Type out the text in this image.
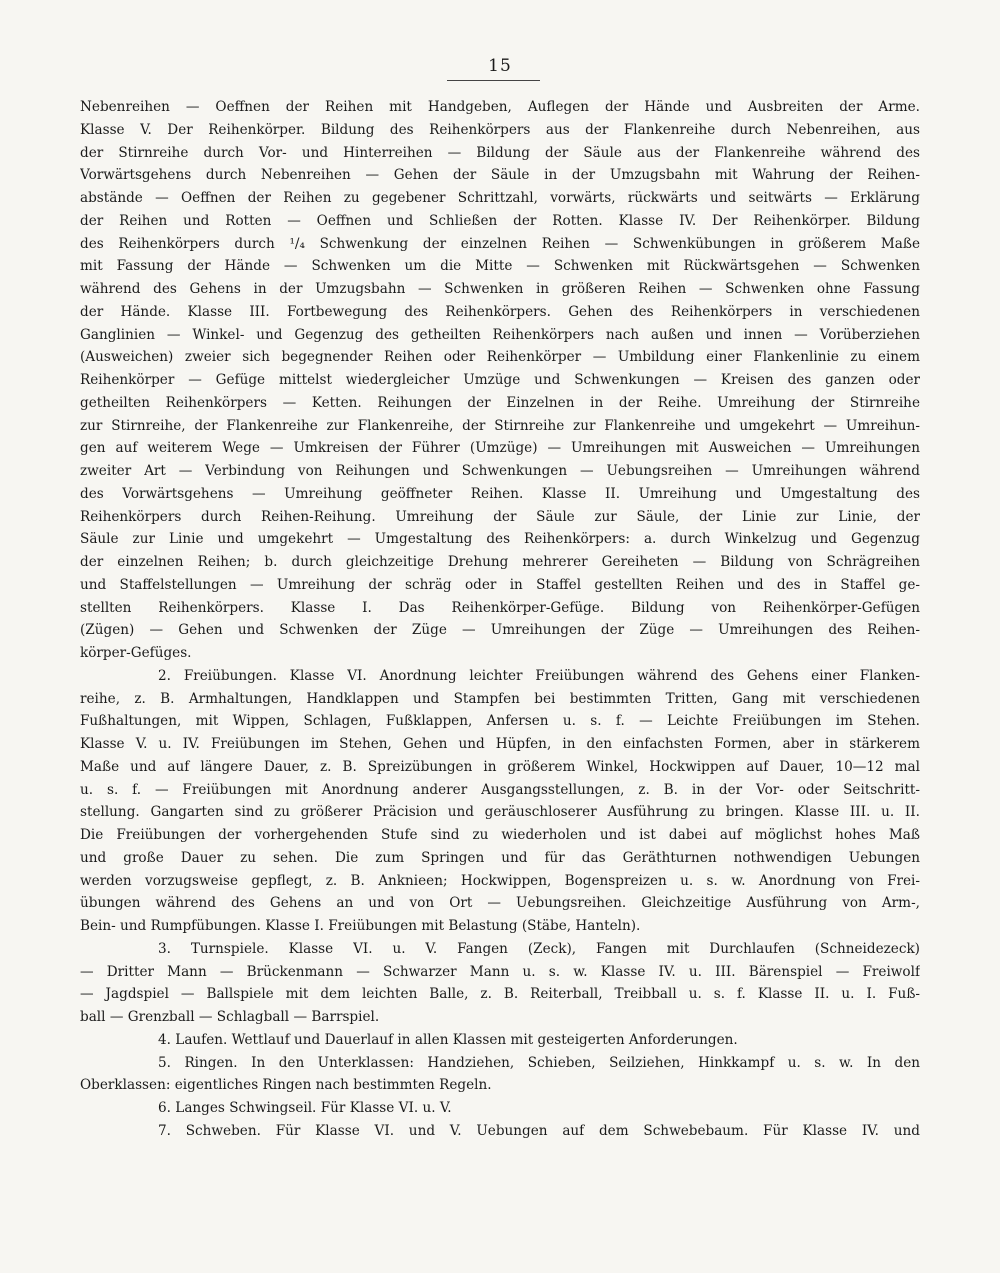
15
Nebenreihen — Oeffnen der Reihen mit Handgeben, Auflegen der Hände und Ausbreiten der Arme.
Klasse V. Der Reihenkörper. Bildung des Reihenkörpers aus der Flankenreihe durch Nebenreihen, aus
der Stirnreihe durch Vor- und Hinterreihen — Bildung der Säule aus der Flankenreihe während des
Vorwärtsgehens durch Nebenreihen — Gehen der Säule in der Umzugsbahn mit Wahrung der Reihen-
abstände — Oeffnen der Reihen zu gegebener Schrittzahl, vorwärts, rückwärts und seitwärts — Erklärung
der Reihen und Rotten — Oeffnen und Schließen der Rotten. Klasse IV. Der Reihenkörper. Bildung
des Reihenkörpers durch ¹/₄ Schwenkung der einzelnen Reihen — Schwenkübungen in größerem Maße
mit Fassung der Hände — Schwenken um die Mitte — Schwenken mit Rückwärtsgehen — Schwenken
während des Gehens in der Umzugsbahn — Schwenken in größeren Reihen — Schwenken ohne Fassung
der Hände. Klasse III. Fortbewegung des Reihenkörpers. Gehen des Reihenkörpers in verschiedenen
Ganglinien — Winkel- und Gegenzug des getheilten Reihenkörpers nach außen und innen — Vorüberziehen
(Ausweichen) zweier sich begegnender Reihen oder Reihenkörper — Umbildung einer Flankenlinie zu einem
Reihenkörper — Gefüge mittelst wiedergleicher Umzüge und Schwenkungen — Kreisen des ganzen oder
getheilten Reihenkörpers — Ketten. Reihungen der Einzelnen in der Reihe. Umreihung der Stirnreihe
zur Stirnreihe, der Flankenreihe zur Flankenreihe, der Stirnreihe zur Flankenreihe und umgekehrt — Umreihun-
gen auf weiterem Wege — Umkreisen der Führer (Umzüge) — Umreihungen mit Ausweichen — Umreihungen
zweiter Art — Verbindung von Reihungen und Schwenkungen — Uebungsreihen — Umreihungen während
des Vorwärtsgehens — Umreihung geöffneter Reihen. Klasse II. Umreihung und Umgestaltung des
Reihenkörpers durch Reihen-Reihung. Umreihung der Säule zur Säule, der Linie zur Linie, der
Säule zur Linie und umgekehrt — Umgestaltung des Reihenkörpers: a. durch Winkelzug und Gegenzug
der einzelnen Reihen; b. durch gleichzeitige Drehung mehrerer Gereiheten — Bildung von Schrägreihen
und Staffelstellungen — Umreihung der schräg oder in Staffel gestellten Reihen und des in Staffel ge-
stellten Reihenkörpers. Klasse I. Das Reihenkörper-Gefüge. Bildung von Reihenkörper-Gefügen
(Zügen) — Gehen und Schwenken der Züge — Umreihungen der Züge — Umreihungen des Reihen-
körper-Gefüges.
2. Freiübungen. Klasse VI. Anordnung leichter Freiübungen während des Gehens einer Flanken-
reihe, z. B. Armhaltungen, Handklappen und Stampfen bei bestimmten Tritten, Gang mit verschiedenen
Fußhaltungen, mit Wippen, Schlagen, Fußklappen, Anfersen u. s. f. — Leichte Freiübungen im Stehen.
Klasse V. u. IV. Freiübungen im Stehen, Gehen und Hüpfen, in den einfachsten Formen, aber in stärkerem
Maße und auf längere Dauer, z. B. Spreizübungen in größerem Winkel, Hockwippen auf Dauer, 10—12 mal
u. s. f. — Freiübungen mit Anordnung anderer Ausgangsstellungen, z. B. in der Vor- oder Seitschritt-
stellung. Gangarten sind zu größerer Präcision und geräuschloserer Ausführung zu bringen. Klasse III. u. II.
Die Freiübungen der vorhergehenden Stufe sind zu wiederholen und ist dabei auf möglichst hohes Maß
und große Dauer zu sehen. Die zum Springen und für das Geräthturnen nothwendigen Uebungen
werden vorzugsweise gepflegt, z. B. Anknieen; Hockwippen, Bogenspreizen u. s. w. Anordnung von Frei-
übungen während des Gehens an und von Ort — Uebungsreihen. Gleichzeitige Ausführung von Arm-,
Bein- und Rumpfübungen. Klasse I. Freiübungen mit Belastung (Stäbe, Hanteln).
3. Turnspiele. Klasse VI. u. V. Fangen (Zeck), Fangen mit Durchlaufen (Schneidezeck)
— Dritter Mann — Brückenmann — Schwarzer Mann u. s. w. Klasse IV. u. III. Bärenspiel — Freiwolf
— Jagdspiel — Ballspiele mit dem leichten Balle, z. B. Reiterball, Treibball u. s. f. Klasse II. u. I. Fuß-
ball — Grenzball — Schlagball — Barrspiel.
4. Laufen. Wettlauf und Dauerlauf in allen Klassen mit gesteigerten Anforderungen.
5. Ringen. In den Unterklassen: Handziehen, Schieben, Seilziehen, Hinkkampf u. s. w. In den
Oberklassen: eigentliches Ringen nach bestimmten Regeln.
6. Langes Schwingseil. Für Klasse VI. u. V.
7. Schweben. Für Klasse VI. und V. Uebungen auf dem Schwebebaum. Für Klasse IV. und
